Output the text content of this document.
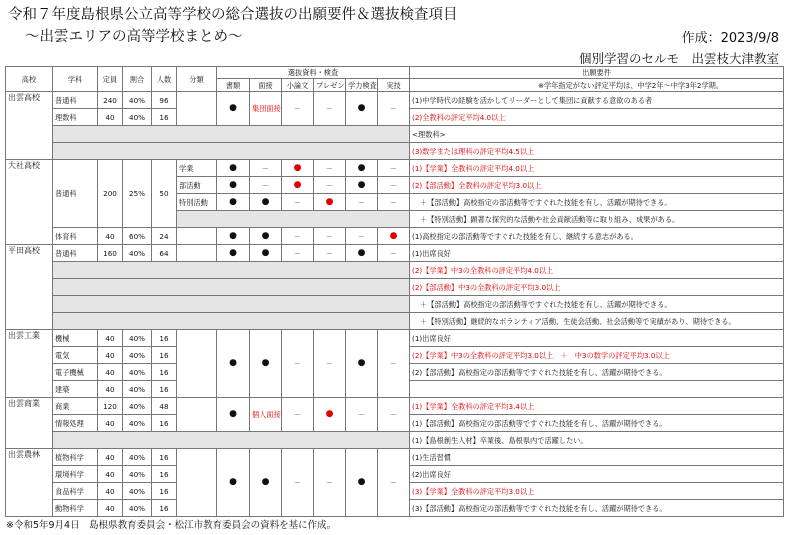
令和７年度島根県公立高等学校の総合選抜の出願要件＆選抜検査項目
～出雲エリアの高等学校まとめ～	作成：2023/9/8
個別学習のセルモ　出雲枝大津教室
高校	学科	定員	割合	人数	分類	選抜資料・検査						出願要件
						書類	面接	小論文	プレゼン	学力検査	実技	※学年指定がない評定平均は、中学2年～中学3年2学期。
出雲高校	普通科	240	40%	96		●	集団面接	－	－	●	－	(1)中学時代の経験を活かしてリーダーとして集団に貢献する意欲のある者
	理数科	40	40%	16								(2)全教科の評定平均4.0以上
												<理数科>
												(3)数学または理科の評定平均4.5以上
大社高校	普通科	200	25%	50	学業	●	－	●	－	●	－	(1)【学業】全教科の評定平均4.0以上
					部活動	●	－	●	－	●	－	(2)【部活動】全教科の評定平均3.0以上
					特別活動	●	●	－	●	－	－	＋【部活動】高校指定の部活動等ですぐれた技能を有し、活躍が期待できる。
												＋【特別活動】顕著な探究的な活動や社会貢献活動等に取り組み、成果がある。
	体育科	40	60%	24		●	●	－	－	－	●	(1)高校指定の部活動等ですぐれた技能を有し、継続する意志がある。
平田高校	普通科	160	40%	64		●	●	－	－	●	－	(1)出席良好
												(2)【学業】中3の全教科の評定平均4.0以上
												(2)【部活動】中3の全教科の評定平均3.0以上
												＋【部活動】高校指定の部活動等ですぐれた技能を有し、活躍が期待できる。
												＋【特別活動】継続的なボランティア活動、生徒会活動、社会活動等で実績があり、期待できる。
出雲工業	機械	40	40%	16		●	●	－	－	●	－	(1)出席良好
	電気	40	40%	16								(2)【学業】中3の全教科の評定平均3.0以上　 ＋　中3の数学の評定平均3.0以上
	電子機械	40	40%	16								(2)【部活動】高校指定の部活動等ですぐれた技能を有し、活躍が期待できる。
	建築	40	40%	16								
出雲商業	商業	120	40%	48		●	個人面接	－	●	－	－	(1)【学業】全教科の評定平均3.4以上
	情報処理	40	40%	16								(1)【部活動】高校指定の部活動等ですぐれた技能を有し、活躍が期待できる。
												(1)【島根創生人材】卒業後、島根県内で活躍したい。
出雲農林	植物科学	40	40%	16		●	●	－	－	●	－	(1)生活習慣
	環境科学	40	40%	16								(2)出席良好
	食品科学	40	40%	16								(3)【学業】全教科の評定平均3.0以上
	動物科学	40	40%	16								(3)【部活動】高校指定の部活動等ですぐれた技能を有し、活躍が期待できる。
※令和5年9月4日　島根県教育委員会・松江市教育委員会の資料を基に作成。
